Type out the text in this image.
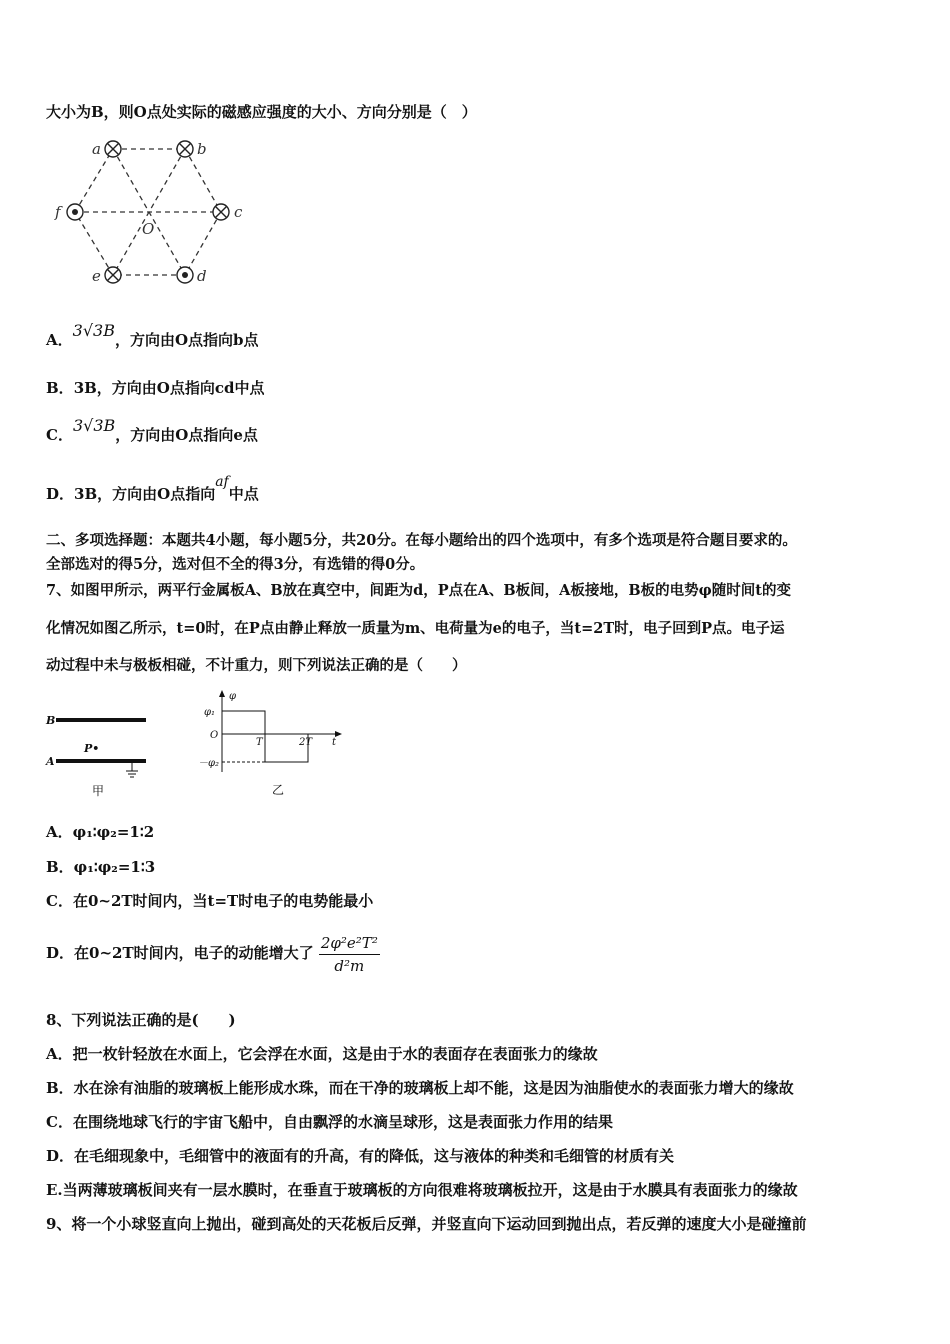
大小为B，则O点处实际的磁感应强度的大小、方向分别是（　）
a	b
c
d
e
f
O
A．3√3B，方向由O点指向b点
B．3B，方向由O点指向cd中点
C．3√3B，方向由O点指向e点
D．3B，方向由O点指向af中点
二、多项选择题：本题共4小题，每小题5分，共20分。在每小题给出的四个选项中，有多个选项是符合题目要求的。
全部选对的得5分，选对但不全的得3分，有选错的得0分。
7、如图甲所示，两平行金属板A、B放在真空中，间距为d，P点在A、B板间，A板接地，B板的电势φ随时间t的变
化情况如图乙所示，t=0时，在P点由静止释放一质量为m、电荷量为e的电子，当t=2T时，电子回到P点。电子运
动过程中未与极板相碰，不计重力，则下列说法正确的是（　　）
B
A
P•
甲
φ
φ₁
O
T	2T t
－φ₂
乙
A．φ₁∶φ₂=1∶2
B．φ₁∶φ₂=1∶3
C．在0~2T时间内，当t=T时电子的电势能最小
D．在0~2T时间内，电子的动能增大了 $\frac{\text{2φ²e²T²}}{\text{d²m}}$
8、下列说法正确的是(　　)
A．把一枚针轻放在水面上，它会浮在水面，这是由于水的表面存在表面张力的缘故
B．水在涂有油脂的玻璃板上能形成水珠，而在干净的玻璃板上却不能，这是因为油脂使水的表面张力增大的缘故
C．在围绕地球飞行的宇宙飞船中，自由飘浮的水滴呈球形，这是表面张力作用的结果
D．在毛细现象中，毛细管中的液面有的升高，有的降低，这与液体的种类和毛细管的材质有关
E.当两薄玻璃板间夹有一层水膜时，在垂直于玻璃板的方向很难将玻璃板拉开，这是由于水膜具有表面张力的缘故
9、将一个小球竖直向上抛出，碰到高处的天花板后反弹，并竖直向下运动回到抛出点，若反弹的速度大小是碰撞前
